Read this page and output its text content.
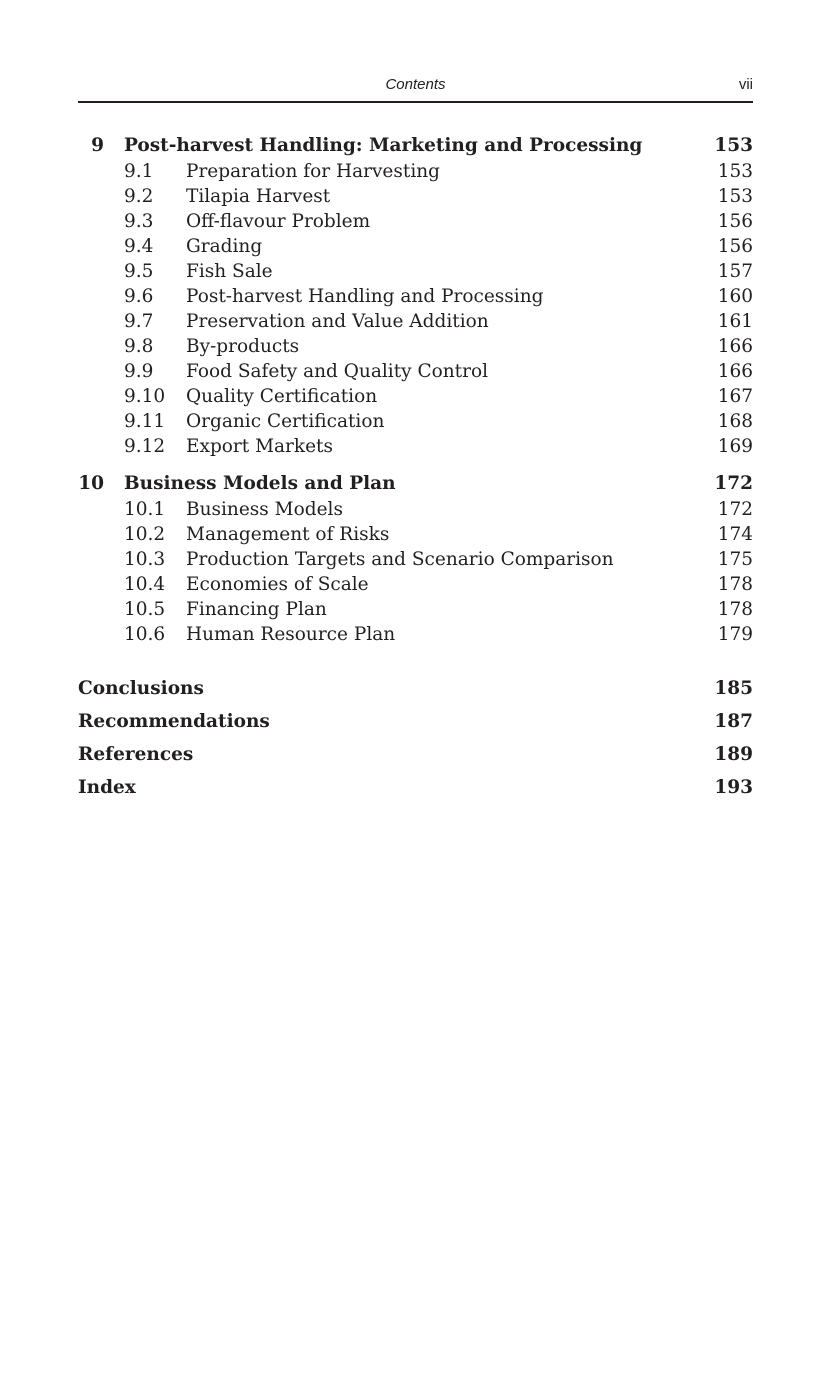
Contents	vii
9 Post-harvest Handling: Marketing and Processing	153
9.1 Preparation for Harvesting	153
9.2 Tilapia Harvest	153
9.3 Off-flavour Problem	156
9.4 Grading	156
9.5 Fish Sale	157
9.6 Post-harvest Handling and Processing	160
9.7 Preservation and Value Addition	161
9.8 By-products	166
9.9 Food Safety and Quality Control	166
9.10 Quality Certification	167
9.11 Organic Certification	168
9.12 Export Markets	169
10 Business Models and Plan	172
10.1 Business Models	172
10.2 Management of Risks	174
10.3 Production Targets and Scenario Comparison	175
10.4 Economies of Scale	178
10.5 Financing Plan	178
10.6 Human Resource Plan	179
Conclusions	185
Recommendations	187
References	189
Index	193
